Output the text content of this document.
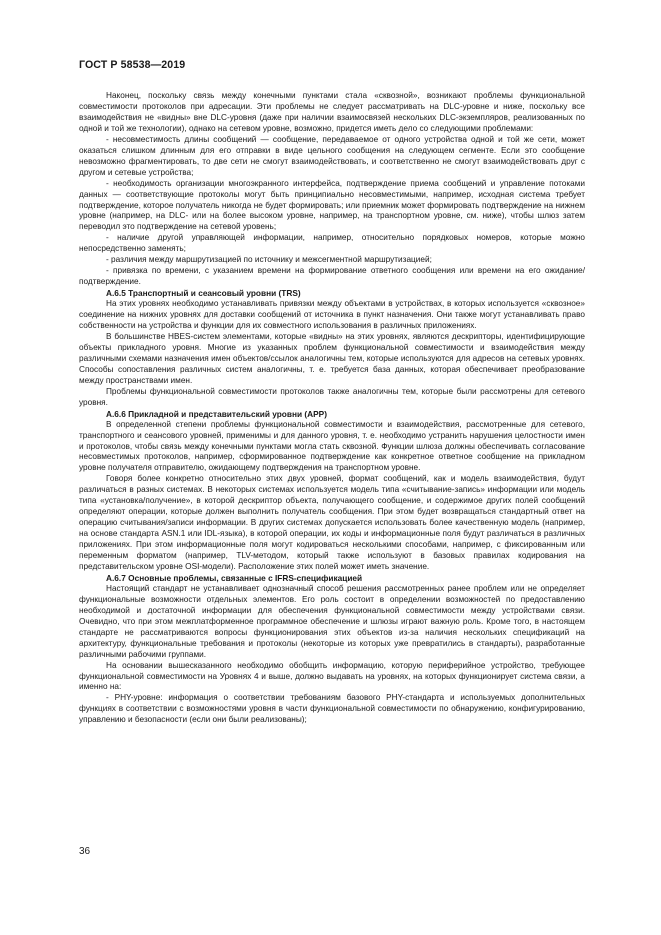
ГОСТ Р 58538—2019

Наконец, поскольку связь между конечными пунктами стала «сквозной», возникают проблемы функциональной совместимости протоколов при адресации. Эти проблемы не следует рассматривать на DLC-уровне и ниже, поскольку все взаимодействия не «видны» вне DLC-уровня (даже при наличии взаимосвязей нескольких DLC-экземпляров, реализованных по одной и той же технологии), однако на сетевом уровне, возможно, придется иметь дело со следующими проблемами:

- несовместимость длины сообщений — сообщение, передаваемое от одного устройства одной и той же сети, может оказаться слишком длинным для его отправки в виде цельного сообщения на следующем сегменте. Если это сообщение невозможно фрагментировать, то две сети не смогут взаимодействовать, и соответственно не смогут взаимодействовать друг с другом и сетевые устройства;

- необходимость организации многоэкранного интерфейса, подтверждение приема сообщений и управление потоками данных — соответствующие протоколы могут быть принципиально несовместимыми, например, исходная система требует подтверждение, которое получатель никогда не будет формировать; или приемник может формировать подтверждение на нижнем уровне (например, на DLC- или на более высоком уровне, например, на транспортном уровне, см. ниже), чтобы шлюз затем переводил это подтверждение на сетевой уровень;

- наличие другой управляющей информации, например, относительно порядковых номеров, которые можно непосредственно заменять;

- различия между маршрутизацией по источнику и межсегментной маршрутизацией;

- привязка по времени, с указанием времени на формирование ответного сообщения или времени на его ожидание/подтверждение.

А.6.5 Транспортный и сеансовый уровни (TRS)

На этих уровнях необходимо устанавливать привязки между объектами в устройствах, в которых используется «сквозное» соединение на нижних уровнях для доставки сообщений от источника в пункт назначения. Они также могут устанавливать право собственности на устройства и функции для их совместного использования в различных приложениях.

В большинстве HBES-систем элементами, которые «видны» на этих уровнях, являются дескрипторы, идентифицирующие объекты прикладного уровня. Многие из указанных проблем функциональной совместимости и взаимодействия между различными схемами назначения имен объектов/ссылок аналогичны тем, которые используются для адресов на сетевых уровнях. Способы сопоставления различных систем аналогичны, т. е. требуется база данных, которая обеспечивает преобразование между пространствами имен.

Проблемы функциональной совместимости протоколов также аналогичны тем, которые были рассмотрены для сетевого уровня.

А.6.6 Прикладной и представительский уровни (APP)

В определенной степени проблемы функциональной совместимости и взаимодействия, рассмотренные для сетевого, транспортного и сеансового уровней, применимы и для данного уровня, т. е. необходимо устранить нарушения целостности имен и протоколов, чтобы связь между конечными пунктами могла стать сквозной. Функции шлюза должны обеспечивать согласование несовместимых протоколов, например, сформированное подтверждение как конкретное ответное сообщение на прикладном уровне получателя отправителю, ожидающему подтверждения на транспортном уровне.

Говоря более конкретно относительно этих двух уровней, формат сообщений, как и модель взаимодействия, будут различаться в разных системах. В некоторых системах используется модель типа «считывание-запись» информации или модель типа «установка/получение», в которой дескриптор объекта, получающего сообщение, и содержимое других полей сообщений определяют операции, которые должен выполнить получатель сообщения. При этом будет возвращаться стандартный ответ на операцию считывания/записи информации. В других системах допускается использовать более качественную модель (например, на основе стандарта ASN.1 или IDL-языка), в которой операции, их коды и информационные поля будут различаться в различных приложениях. При этом информационные поля могут кодироваться несколькими способами, например, с фиксированным или переменным форматом (например, TLV-методом, который также используют в базовых правилах кодирования на представительском уровне OSI-модели). Расположение этих полей может иметь значение.

А.6.7 Основные проблемы, связанные с IFRS-спецификацией

Настоящий стандарт не устанавливает однозначный способ решения рассмотренных ранее проблем или не определяет функциональные возможности отдельных элементов. Его роль состоит в определении возможностей по предоставлению необходимой и достаточной информации для обеспечения функциональной совместимости между устройствами связи. Очевидно, что при этом межплатформенное программное обеспечение и шлюзы играют важную роль. Кроме того, в настоящем стандарте не рассматриваются вопросы функционирования этих объектов из-за наличия нескольких спецификаций на архитектуру, функциональные требования и протоколы (некоторые из которых уже превратились в стандарты), разработанные различными рабочими группами.

На основании вышесказанного необходимо обобщить информацию, которую периферийное устройство, требующее функциональной совместимости на Уровнях 4 и выше, должно выдавать на уровнях, на которых функционирует система связи, а именно на:

- PHY-уровне: информация о соответствии требованиям базового PHY-стандарта и используемых дополнительных функциях в соответствии с возможностями уровня в части функциональной совместимости по обнаружению, конфигурированию, управлению и безопасности (если они были реализованы);

36
